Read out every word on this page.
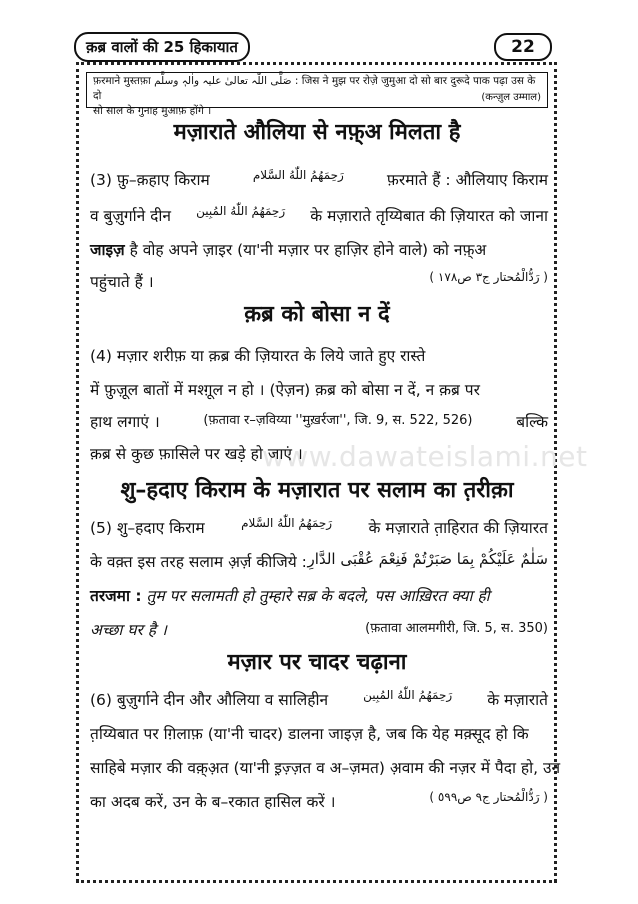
क़ब्र वालों की 25 हिकायात	22
फ़रमाने मुस्तफ़ा صَلَّی اللّٰہ تعالیٰ علیہ واٰلہٖ وسلَّم : जिस ने मुझ पर रोज़े जुमुआ दो सो बार दुरूदे पाक पढ़ा उस के दो
सो साल के गुनाह मुआफ़ होंगे ।
(कन्ज़ुल उम्माल)
www.dawateislami.net
मज़ाराते औलिया से नफ़्अ मिलता है
(3) फ़ु–क़हाए किराम	رَحِمَهُمُ اللّٰهُ السَّلام	फ़रमाते हैं : औलियाए किराम
व बुज़ुर्गाने दीन رَحِمَهُمُ اللّٰهُ المُبِین के मज़ाराते तृय्यिबात की ज़ियारत को जाना
जाइज़ है वोह अपने ज़ाइर (या'नी मज़ार पर हाज़िर होने वाले) को नफ़्अ
पहुंचाते हैं ।	( رَدُّالْمُحتار ج٣ ص١٧٨ )
क़ब्र को बोसा न दें
(4) मज़ार शरीफ़ या क़ब्र की ज़ियारत के लिये जाते हुए रास्ते
में फ़ुज़ूल बातों में मश्ग़ूल न हो । (ऐज़न) क़ब्र को बोसा न दें, न क़ब्र पर
हाथ लगाएं ।	(फ़तावा र–ज़विय्या ''मुख़र्रजा'', जि. 9, स. 522, 526)	बल्कि
क़ब्र से कुछ फ़ासिले पर खड़े हो जाएं ।
शु–हदाए किराम के मज़ारात पर सलाम का त़रीक़ा
(5) शु–हदाए किराम	رَحِمَهُمُ اللّٰهُ السَّلام के मज़ाराते त़ाहिरात की ज़ियारत
के वक़्त इस तरह सलाम अ़र्ज़ कीजिये : سَلٰمٌ عَلَيْكُمْ بِمَا صَبَرْتُمْ فَنِعْمَ عُقْبَى الدَّارِ
तरजमा : तुम पर सलामती हो तुम्हारे सब्र के बदले, पस आख़िरत क्या ही
अच्छा घर है ।	(फ़तावा आलमगीरी, जि. 5, स. 350)
मज़ार पर चादर चढ़ाना
(6) बुज़ुर्गाने दीन और औलिया व सालिहीन	رَحِمَهُمُ اللّٰهُ المُبِین के मज़ाराते
त़य्यिबात पर ग़िलाफ़ (या'नी चादर) डालना जाइज़ है, जब कि येह मक़्सूद हो कि
साहिबे मज़ार की वक़्अ़त (या'नी इ़ज़्ज़त व अ–ज़मत) अ़वाम की नज़र में पैदा हो, उन
का अदब करें, उन के ब–रकात हासिल करें ।	( رَدُّالْمُحتار ج٩ ص٥٩٩ )
